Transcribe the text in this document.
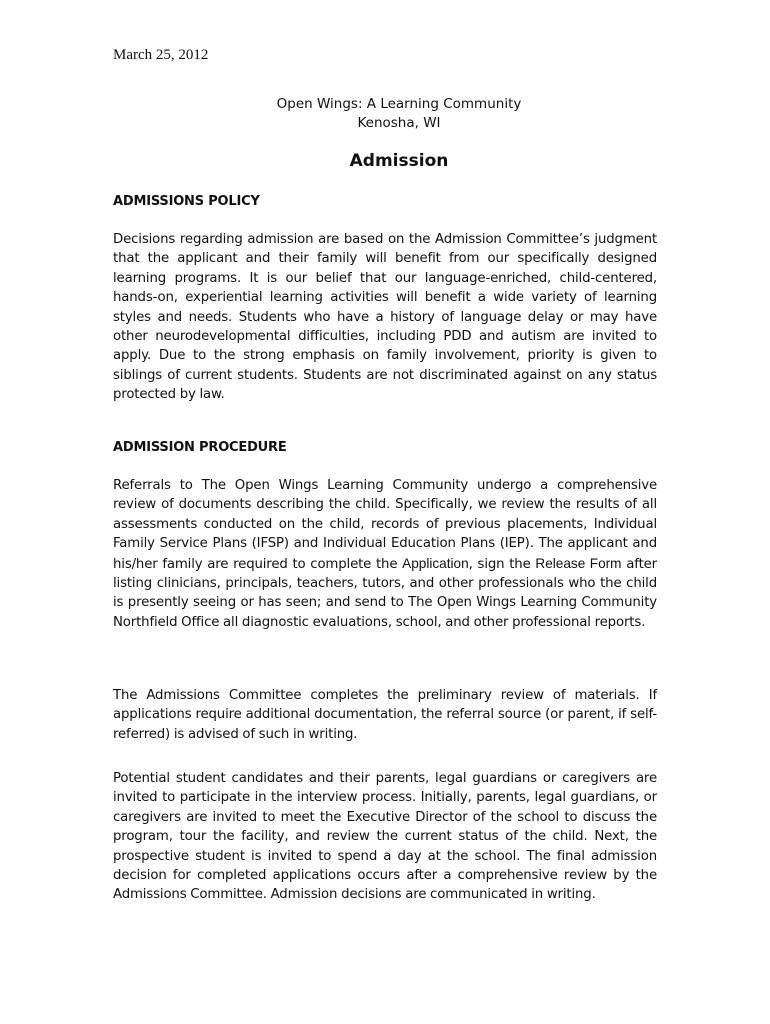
March 25, 2012
Open Wings: A Learning Community
Kenosha, WI
Admission
ADMISSIONS POLICY
Decisions regarding admission are based on the Admission Committee’s judgment that the applicant and their family will benefit from our specifically designed learning programs. It is our belief that our language-enriched, child-centered, hands-on, experiential learning activities will benefit a wide variety of learning styles and needs. Students who have a history of language delay or may have other neurodevelopmental difficulties, including PDD and autism are invited to apply. Due to the strong emphasis on family involvement, priority is given to siblings of current students. Students are not discriminated against on any status protected by law.
ADMISSION PROCEDURE
Referrals to The Open Wings Learning Community undergo a comprehensive review of documents describing the child. Specifically, we review the results of all assessments conducted on the child, records of previous placements, Individual Family Service Plans (IFSP) and Individual Education Plans (IEP). The applicant and his/her family are required to complete the Application, sign the Release Form after listing clinicians, principals, teachers, tutors, and other professionals who the child is presently seeing or has seen; and send to The Open Wings Learning Community Northfield Office all diagnostic evaluations, school, and other professional reports.
The Admissions Committee completes the preliminary review of materials. If applications require additional documentation, the referral source (or parent, if self-referred) is advised of such in writing.
Potential student candidates and their parents, legal guardians or caregivers are invited to participate in the interview process. Initially, parents, legal guardians, or caregivers are invited to meet the Executive Director of the school to discuss the program, tour the facility, and review the current status of the child. Next, the prospective student is invited to spend a day at the school. The final admission decision for completed applications occurs after a comprehensive review by the Admissions Committee. Admission decisions are communicated in writing.
